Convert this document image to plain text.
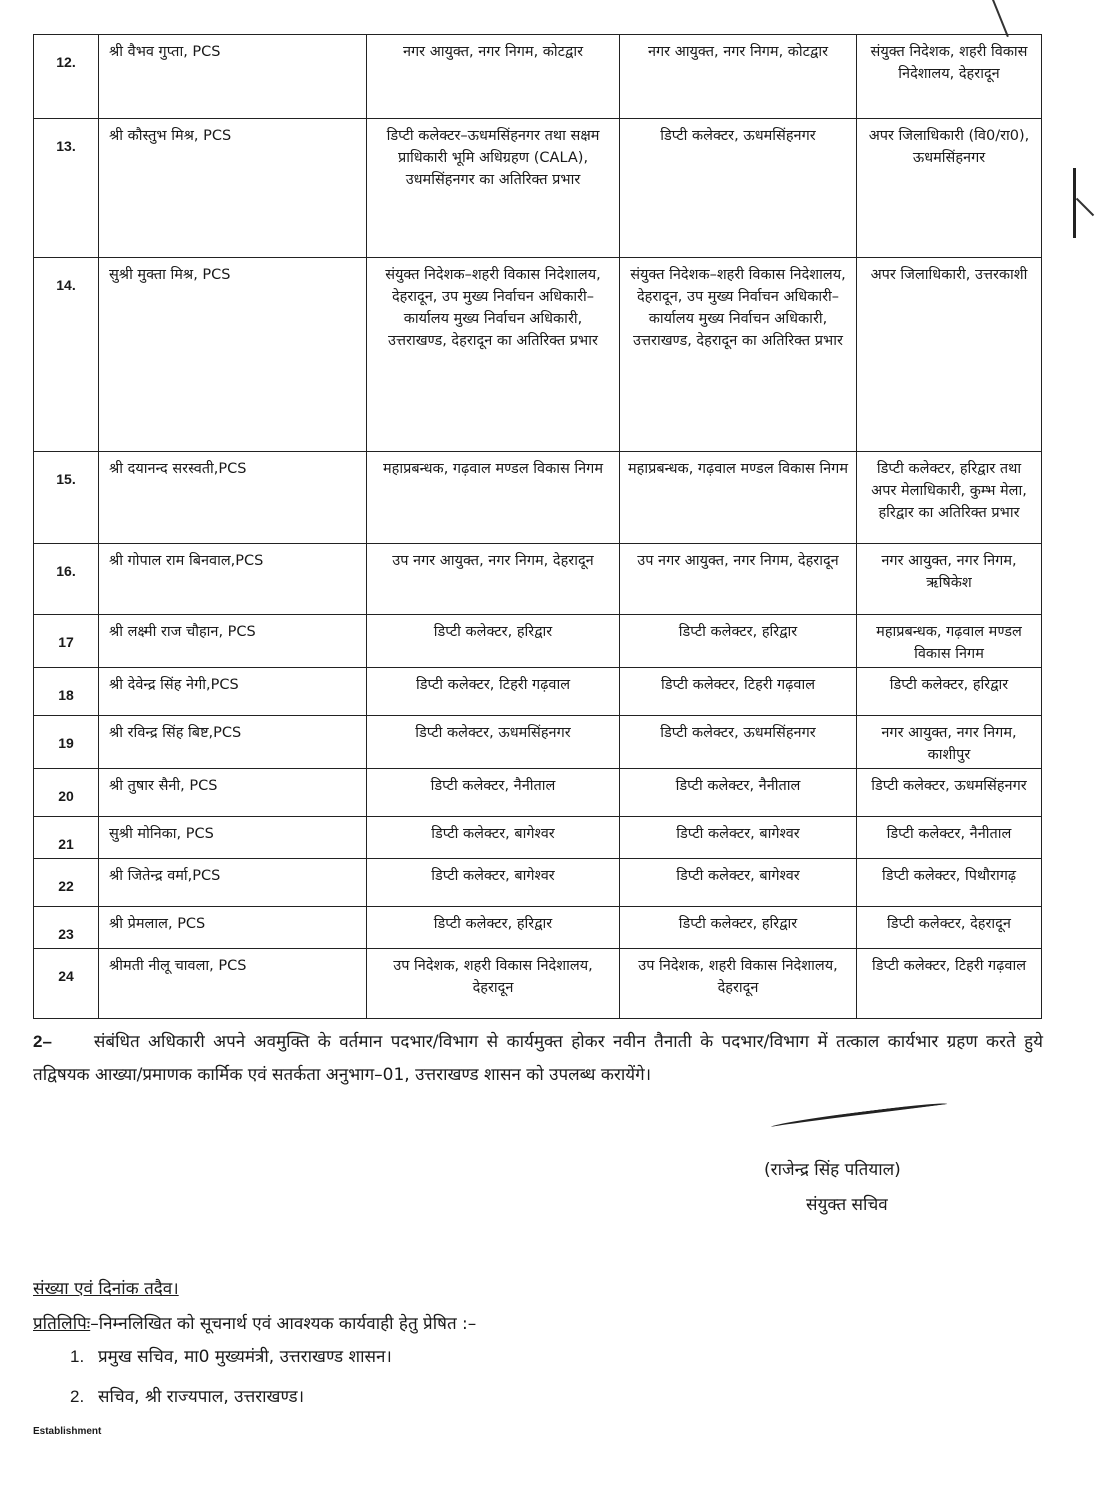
12.	श्री वैभव गुप्ता, PCS	नगर आयुक्त, नगर निगम, कोटद्वार	नगर आयुक्त, नगर निगम, कोटद्वार	संयुक्त निदेशक, शहरी विकास निदेशालय, देहरादून
13.	श्री कौस्तुभ मिश्र, PCS	डिप्टी कलेक्टर–ऊधमसिंहनगर तथा सक्षम प्राधिकारी भूमि अधिग्रहण (CALA), उधमसिंहनगर का अतिरिक्त प्रभार	डिप्टी कलेक्टर, ऊधमसिंहनगर	अपर जिलाधिकारी (वि0/रा0), ऊधमसिंहनगर
14.	सुश्री मुक्ता मिश्र, PCS	संयुक्त निदेशक–शहरी विकास निदेशालय, देहरादून, उप मुख्य निर्वाचन अधिकारी–कार्यालय मुख्य निर्वाचन अधिकारी, उत्तराखण्ड, देहरादून का अतिरिक्त प्रभार	संयुक्त निदेशक–शहरी विकास निदेशालय, देहरादून, उप मुख्य निर्वाचन अधिकारी–कार्यालय मुख्य निर्वाचन अधिकारी, उत्तराखण्ड, देहरादून का अतिरिक्त प्रभार	अपर जिलाधिकारी, उत्तरकाशी
15.	श्री दयानन्द सरस्वती,PCS	महाप्रबन्धक, गढ़वाल मण्डल विकास निगम	महाप्रबन्धक, गढ़वाल मण्डल विकास निगम	डिप्टी कलेक्टर, हरिद्वार तथा अपर मेलाधिकारी, कुम्भ मेला, हरिद्वार का अतिरिक्त प्रभार
16.	श्री गोपाल राम बिनवाल,PCS	उप नगर आयुक्त, नगर निगम, देहरादून	उप नगर आयुक्त, नगर निगम, देहरादून	नगर आयुक्त, नगर निगम, ऋषिकेश
17	श्री लक्ष्मी राज चौहान, PCS	डिप्टी कलेक्टर, हरिद्वार	डिप्टी कलेक्टर, हरिद्वार	महाप्रबन्धक, गढ़वाल मण्डल विकास निगम
18	श्री देवेन्द्र सिंह नेगी,PCS	डिप्टी कलेक्टर, टिहरी गढ़वाल	डिप्टी कलेक्टर, टिहरी गढ़वाल	डिप्टी कलेक्टर, हरिद्वार
19	श्री रविन्द्र सिंह बिष्ट,PCS	डिप्टी कलेक्टर, ऊधमसिंहनगर	डिप्टी कलेक्टर, ऊधमसिंहनगर	नगर आयुक्त, नगर निगम, काशीपुर
20	श्री तुषार सैनी, PCS	डिप्टी कलेक्टर, नैनीताल	डिप्टी कलेक्टर, नैनीताल	डिप्टी कलेक्टर, ऊधमसिंहनगर
21	सुश्री मोनिका, PCS	डिप्टी कलेक्टर, बागेश्वर	डिप्टी कलेक्टर, बागेश्वर	डिप्टी कलेक्टर, नैनीताल
22	श्री जितेन्द्र वर्मा,PCS	डिप्टी कलेक्टर, बागेश्वर	डिप्टी कलेक्टर, बागेश्वर	डिप्टी कलेक्टर, पिथौरागढ़
23	श्री प्रेमलाल, PCS	डिप्टी कलेक्टर, हरिद्वार	डिप्टी कलेक्टर, हरिद्वार	डिप्टी कलेक्टर, देहरादून
24	श्रीमती नीलू चावला, PCS	उप निदेशक, शहरी विकास निदेशालय, देहरादून	उप निदेशक, शहरी विकास निदेशालय, देहरादून	डिप्टी कलेक्टर, टिहरी गढ़वाल
2– संबंधित अधिकारी अपने अवमुक्ति के वर्तमान पदभार/विभाग से कार्यमुक्त होकर नवीन तैनाती के पदभार/विभाग में तत्काल कार्यभार ग्रहण करते हुये तद्विषयक आख्या/प्रमाणक कार्मिक एवं सतर्कता अनुभाग–01, उत्तराखण्ड शासन को उपलब्ध करायेंगे।
(राजेन्द्र सिंह पतियाल)
संयुक्त सचिव
संख्या एवं दिनांक तदैव।
प्रतिलिपिः–निम्नलिखित को सूचनार्थ एवं आवश्यक कार्यवाही हेतु प्रेषित :–
1. प्रमुख सचिव, मा0 मुख्यमंत्री, उत्तराखण्ड शासन।
2. सचिव, श्री राज्यपाल, उत्तराखण्ड।
Establishment
